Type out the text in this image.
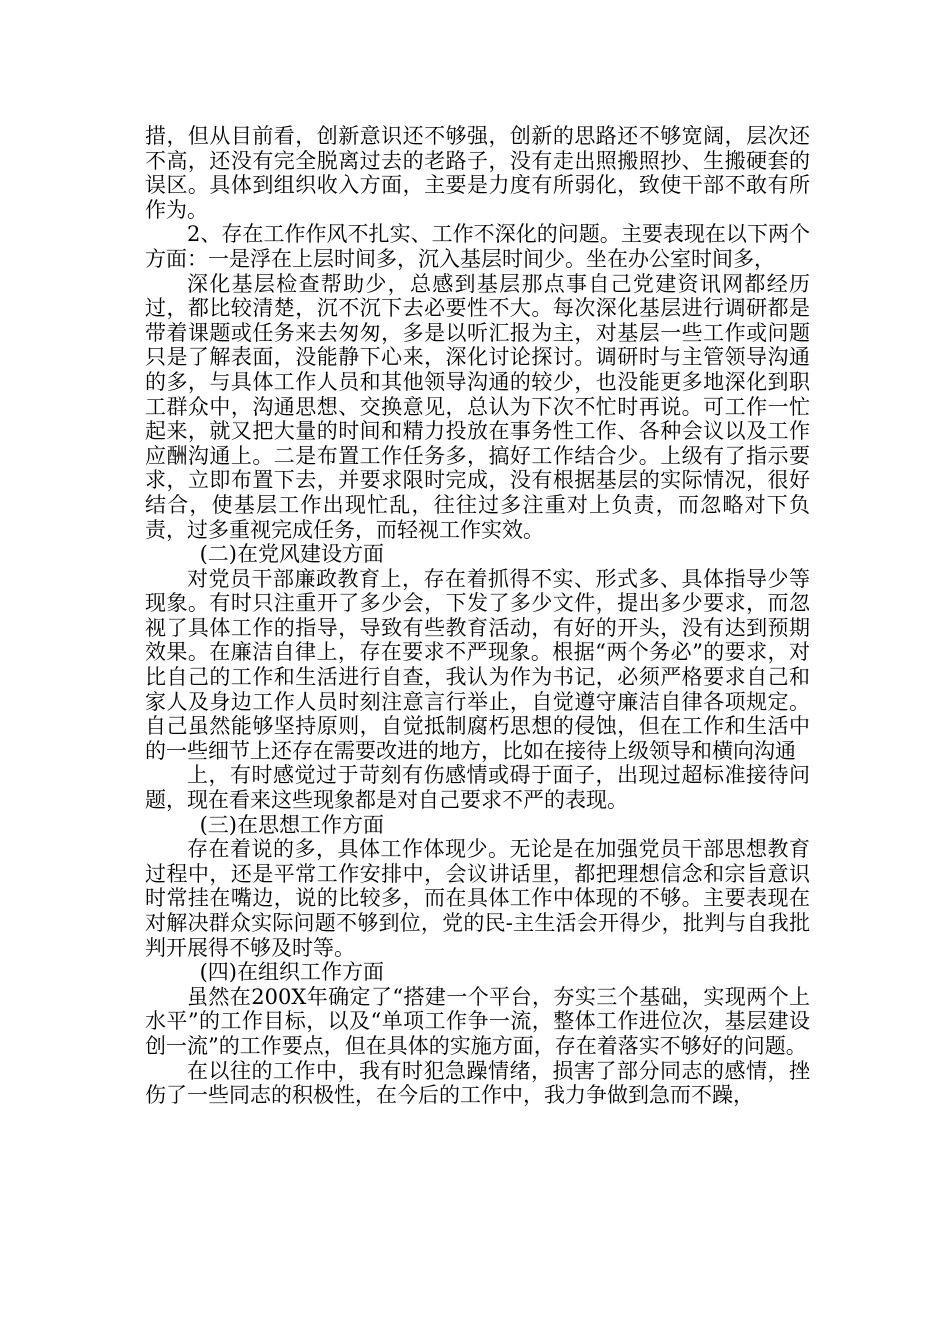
措，但从目前看，创新意识还不够强，创新的思路还不够宽阔，层次还不高，还没有完全脱离过去的老路子，没有走出照搬照抄、生搬硬套的误区。具体到组织收入方面，主要是力度有所弱化，致使干部不敢有所作为。

2、存在工作作风不扎实、工作不深化的问题。主要表现在以下两个方面：一是浮在上层时间多，沉入基层时间少。坐在办公室时间多，

深化基层检查帮助少，总感到基层那点事自己党建资讯网都经历过，都比较清楚，沉不沉下去必要性不大。每次深化基层进行调研都是带着课题或任务来去匆匆，多是以听汇报为主，对基层一些工作或问题只是了解表面，没能静下心来，深化讨论探讨。调研时与主管领导沟通的多，与具体工作人员和其他领导沟通的较少，也没能更多地深化到职工群众中，沟通思想、交换意见，总认为下次不忙时再说。可工作一忙起来，就又把大量的时间和精力投放在事务性工作、各种会议以及工作应酬沟通上。二是布置工作任务多，搞好工作结合少。上级有了指示要求，立即布置下去，并要求限时完成，没有根据基层的实际情况，很好结合，使基层工作出现忙乱，往往过多注重对上负责，而忽略对下负责，过多重视完成任务，而轻视工作实效。

(二)在党风建设方面

对党员干部廉政教育上，存在着抓得不实、形式多、具体指导少等现象。有时只注重开了多少会，下发了多少文件，提出多少要求，而忽视了具体工作的指导，导致有些教育活动，有好的开头，没有达到预期效果。在廉洁自律上，存在要求不严现象。根据“两个务必”的要求，对比自己的工作和生活进行自查，我认为作为书记，必须严格要求自己和家人及身边工作人员时刻注意言行举止，自觉遵守廉洁自律各项规定。自己虽然能够坚持原则，自觉抵制腐朽思想的侵蚀，但在工作和生活中的一些细节上还存在需要改进的地方，比如在接待上级领导和横向沟通

上，有时感觉过于苛刻有伤感情或碍于面子，出现过超标准接待问题，现在看来这些现象都是对自己要求不严的表现。

(三)在思想工作方面

存在着说的多，具体工作体现少。无论是在加强党员干部思想教育过程中，还是平常工作安排中，会议讲话里，都把理想信念和宗旨意识时常挂在嘴边，说的比较多，而在具体工作中体现的不够。主要表现在对解决群众实际问题不够到位，党的民-主生活会开得少，批判与自我批判开展得不够及时等。

(四)在组织工作方面

虽然在200X年确定了“搭建一个平台，夯实三个基础，实现两个上水平”的工作目标，以及“单项工作争一流，整体工作进位次，基层建设创一流”的工作要点，但在具体的实施方面，存在着落实不够好的问题。

在以往的工作中，我有时犯急躁情绪，损害了部分同志的感情，挫伤了一些同志的积极性，在今后的工作中，我力争做到急而不躁，
